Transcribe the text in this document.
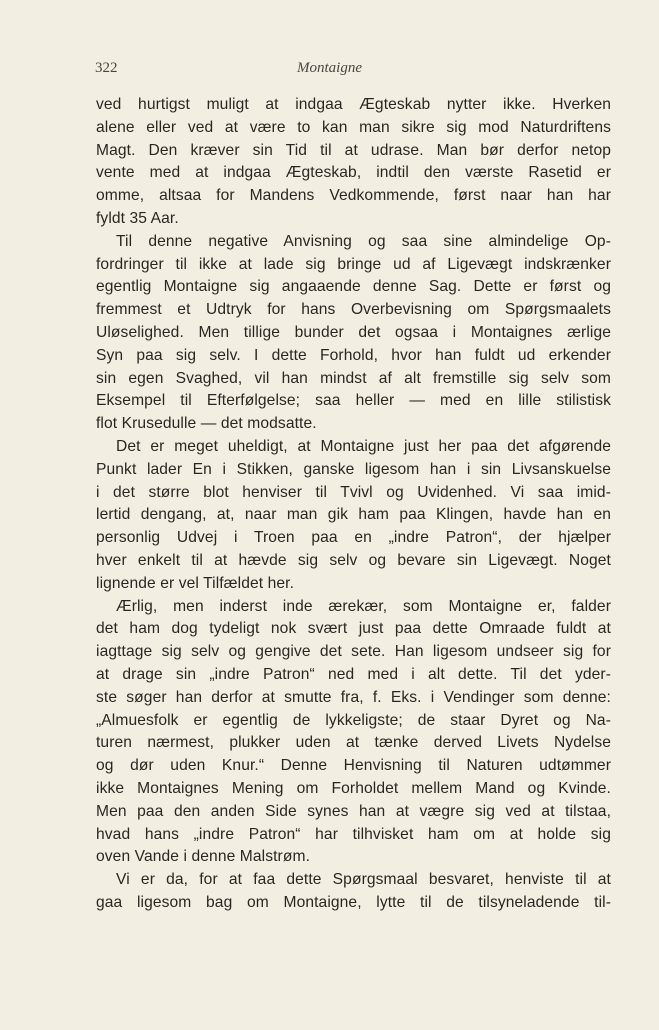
322	Montaigne

ved hurtigst muligt at indgaa Ægteskab nytter ikke. Hverken
alene eller ved at være to kan man sikre sig mod Naturdriftens
Magt. Den kræver sin Tid til at udrase. Man bør derfor netop
vente med at indgaa Ægteskab, indtil den værste Rasetid er
omme, altsaa for Mandens Vedkommende, først naar han har
fyldt 35 Aar.

Til denne negative Anvisning og saa sine almindelige Op-
fordringer til ikke at lade sig bringe ud af Ligevægt indskrænker
egentlig Montaigne sig angaaende denne Sag. Dette er først og
fremmest et Udtryk for hans Overbevisning om Spørgsmaalets
Uløselighed. Men tillige bunder det ogsaa i Montaignes ærlige
Syn paa sig selv. I dette Forhold, hvor han fuldt ud erkender
sin egen Svaghed, vil han mindst af alt fremstille sig selv som
Eksempel til Efterfølgelse; saa heller — med en lille stilistisk
flot Krusedulle — det modsatte.

Det er meget uheldigt, at Montaigne just her paa det afgørende
Punkt lader En i Stikken, ganske ligesom han i sin Livsanskuelse
i det større blot henviser til Tvivl og Uvidenhed. Vi saa imid-
lertid dengang, at, naar man gik ham paa Klingen, havde han en
personlig Udvej i Troen paa en „indre Patron“, der hjælper
hver enkelt til at hævde sig selv og bevare sin Ligevægt. Noget
lignende er vel Tilfældet her.

Ærlig, men inderst inde ærekær, som Montaigne er, falder
det ham dog tydeligt nok svært just paa dette Omraade fuldt at
iagttage sig selv og gengive det sete. Han ligesom undseer sig for
at drage sin „indre Patron“ ned med i alt dette. Til det yder-
ste søger han derfor at smutte fra, f. Eks. i Vendinger som denne:
„Almuesfolk er egentlig de lykkeligste; de staar Dyret og Na-
turen nærmest, plukker uden at tænke derved Livets Nydelse
og dør uden Knur.“ Denne Henvisning til Naturen udtømmer
ikke Montaignes Mening om Forholdet mellem Mand og Kvinde.
Men paa den anden Side synes han at vægre sig ved at tilstaa,
hvad hans „indre Patron“ har tilhvisket ham om at holde sig
oven Vande i denne Malstrøm.

Vi er da, for at faa dette Spørgsmaal besvaret, henviste til at
gaa ligesom bag om Montaigne, lytte til de tilsyneladende til-
